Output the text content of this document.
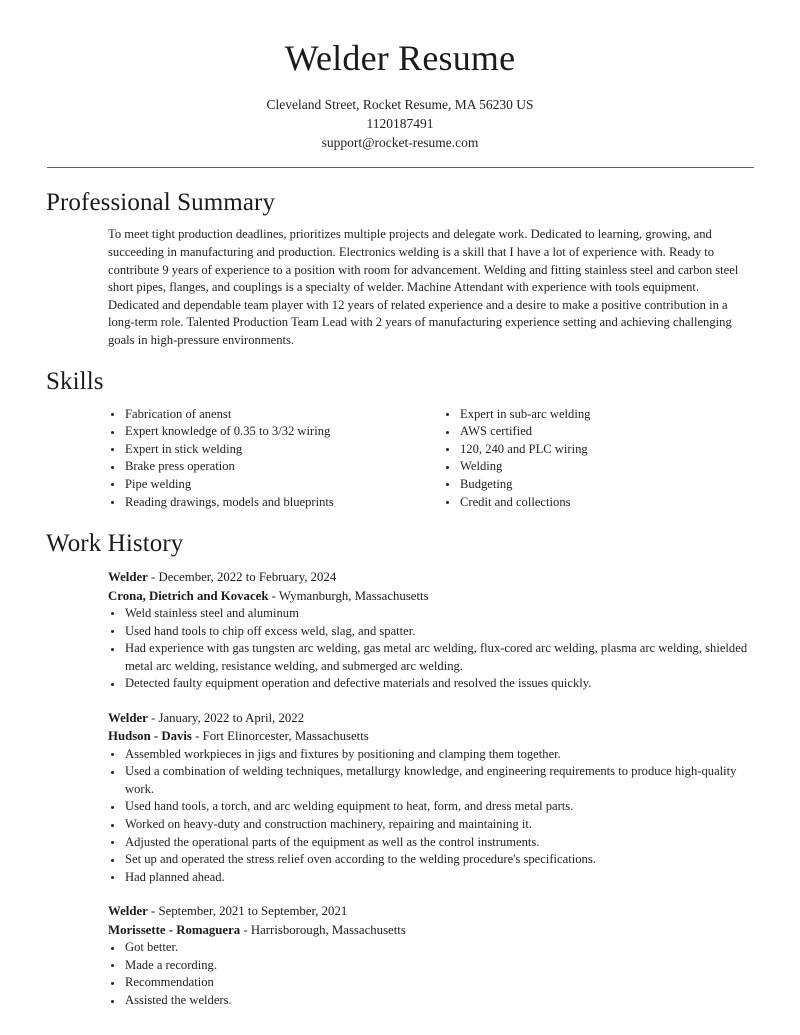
Welder Resume

Cleveland Street, Rocket Resume, MA 56230 US

1120187491

support@rocket-resume.com

Professional Summary

To meet tight production deadlines, prioritizes multiple projects and delegate work. Dedicated to learning, growing, and succeeding in manufacturing and production. Electronics welding is a skill that I have a lot of experience with. Ready to contribute 9 years of experience to a position with room for advancement. Welding and fitting stainless steel and carbon steel short pipes, flanges, and couplings is a specialty of welder. Machine Attendant with experience with tools equipment. Dedicated and dependable team player with 12 years of related experience and a desire to make a positive contribution in a long-term role. Talented Production Team Lead with 2 years of manufacturing experience setting and achieving challenging goals in high-pressure environments.

Skills
Fabrication of anenst
Expert knowledge of 0.35 to 3/32 wiring
Expert in stick welding
Brake press operation
Pipe welding
Reading drawings, models and blueprints
Expert in sub-arc welding
AWS certified
120, 240 and PLC wiring
Welding
Budgeting
Credit and collections
Work History
Welder - December, 2022 to February, 2024
Crona, Dietrich and Kovacek - Wymanburgh, Massachusetts
Weld stainless steel and aluminum
Used hand tools to chip off excess weld, slag, and spatter.
Had experience with gas tungsten arc welding, gas metal arc welding, flux-cored arc welding, plasma arc welding, shielded metal arc welding, resistance welding, and submerged arc welding.
Detected faulty equipment operation and defective materials and resolved the issues quickly.
Welder - January, 2022 to April, 2022
Hudson - Davis - Fort Elinorcester, Massachusetts
Assembled workpieces in jigs and fixtures by positioning and clamping them together.
Used a combination of welding techniques, metallurgy knowledge, and engineering requirements to produce high-quality work.
Used hand tools, a torch, and arc welding equipment to heat, form, and dress metal parts.
Worked on heavy-duty and construction machinery, repairing and maintaining it.
Adjusted the operational parts of the equipment as well as the control instruments.
Set up and operated the stress relief oven according to the welding procedure's specifications.
Had planned ahead.
Welder - September, 2021 to September, 2021
Morissette - Romaguera - Harrisborough, Massachusetts
Got better.
Made a recording.
Recommendation
Assisted the welders.
